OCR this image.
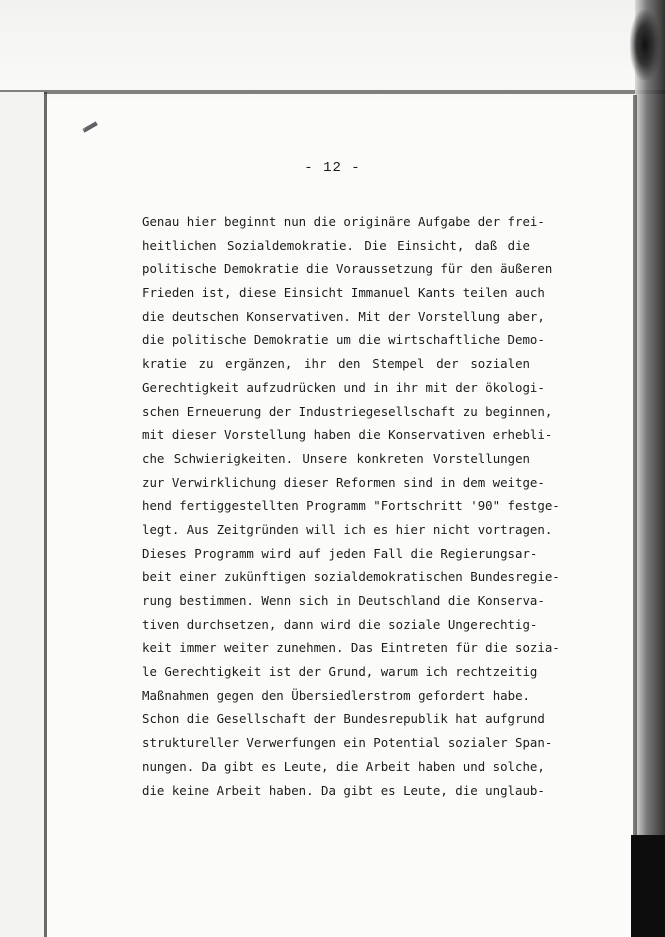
➖
- 12 -
Genau hier beginnt nun die originäre Aufgabe der frei-
heitlichen Sozialdemokratie. Die Einsicht, daß die
politische Demokratie die Voraussetzung für den äußeren
Frieden ist, diese Einsicht Immanuel Kants teilen auch
die deutschen Konservativen. Mit der Vorstellung aber,
die politische Demokratie um die wirtschaftliche Demo-
kratie zu ergänzen, ihr den Stempel der sozialen
Gerechtigkeit aufzudrücken und in ihr mit der ökologi-
schen Erneuerung der Industriegesellschaft zu beginnen,
mit dieser Vorstellung haben die Konservativen erhebli-
che Schwierigkeiten. Unsere konkreten Vorstellungen
zur Verwirklichung dieser Reformen sind in dem weitge-
hend fertiggestellten Programm "Fortschritt '90" festge-
legt. Aus Zeitgründen will ich es hier nicht vortragen.
Dieses Programm wird auf jeden Fall die Regierungsar-
beit einer zukünftigen sozialdemokratischen Bundesregie-
rung bestimmen. Wenn sich in Deutschland die Konserva-
tiven durchsetzen, dann wird die soziale Ungerechtig-
keit immer weiter zunehmen. Das Eintreten für die sozia-
le Gerechtigkeit ist der Grund, warum ich rechtzeitig
Maßnahmen gegen den Übersiedlerstrom gefordert habe.
Schon die Gesellschaft der Bundesrepublik hat aufgrund
struktureller Verwerfungen ein Potential sozialer Span-
nungen. Da gibt es Leute, die Arbeit haben und solche,
die keine Arbeit haben. Da gibt es Leute, die unglaub-
